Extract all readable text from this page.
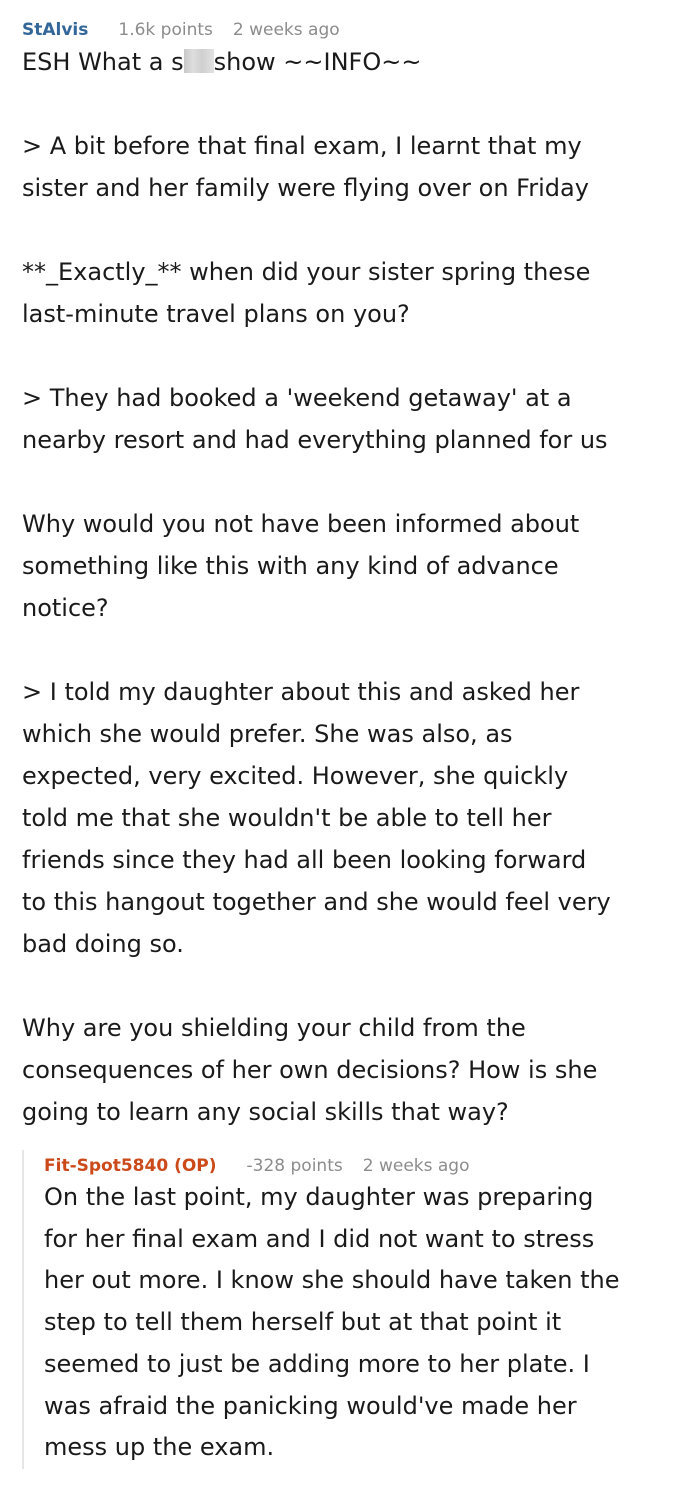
StAlvis 1.6k points 2 weeks ago

ESH What a s show ~~INFO~~

> A bit before that final exam, I learnt that my
sister and her family were flying over on Friday

**_Exactly_** when did your sister spring these
last-minute travel plans on you?

> They had booked a 'weekend getaway' at a
nearby resort and had everything planned for us

Why would you not have been informed about
something like this with any kind of advance
notice?

> I told my daughter about this and asked her
which she would prefer. She was also, as
expected, very excited. However, she quickly
told me that she wouldn't be able to tell her
friends since they had all been looking forward
to this hangout together and she would feel very
bad doing so.

Why are you shielding your child from the
consequences of her own decisions? How is she
going to learn any social skills that way?

Fit-Spot5840 (OP) -328 points 2 weeks ago
On the last point, my daughter was preparing
for her final exam and I did not want to stress
her out more. I know she should have taken the
step to tell them herself but at that point it
seemed to just be adding more to her plate. I
was afraid the panicking would've made her
mess up the exam.
